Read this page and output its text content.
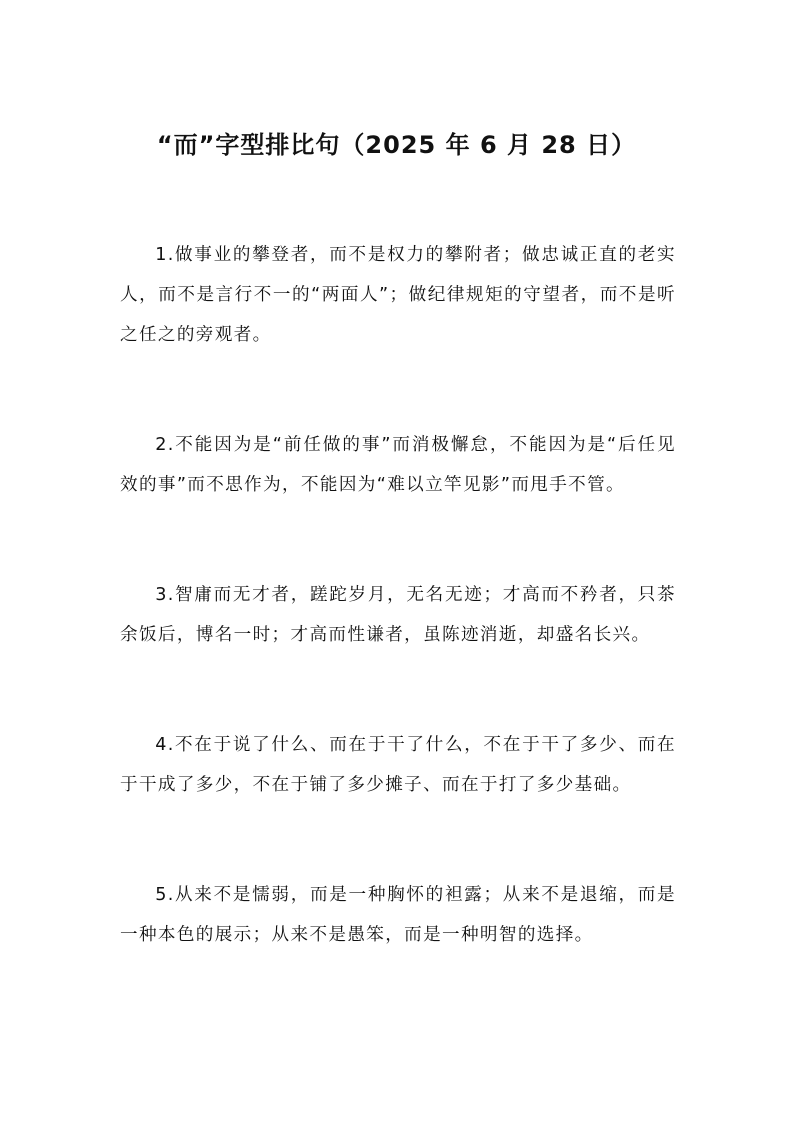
“而”字型排比句（2025 年 6 月 28 日）

1.做事业的攀登者，而不是权力的攀附者；做忠诚正直的老实人，而不是言行不一的“两面人”；做纪律规矩的守望者，而不是听之任之的旁观者。

2.不能因为是“前任做的事”而消极懈怠，不能因为是“后任见效的事”而不思作为，不能因为“难以立竿见影”而甩手不管。

3.智庸而无才者，蹉跎岁月，无名无迹；才高而不矜者，只茶余饭后，博名一时；才高而性谦者，虽陈迹消逝，却盛名长兴。

4.不在于说了什么、而在于干了什么，不在于干了多少、而在于干成了多少，不在于铺了多少摊子、而在于打了多少基础。

5.从来不是懦弱，而是一种胸怀的袒露；从来不是退缩，而是一种本色的展示；从来不是愚笨，而是一种明智的选择。
